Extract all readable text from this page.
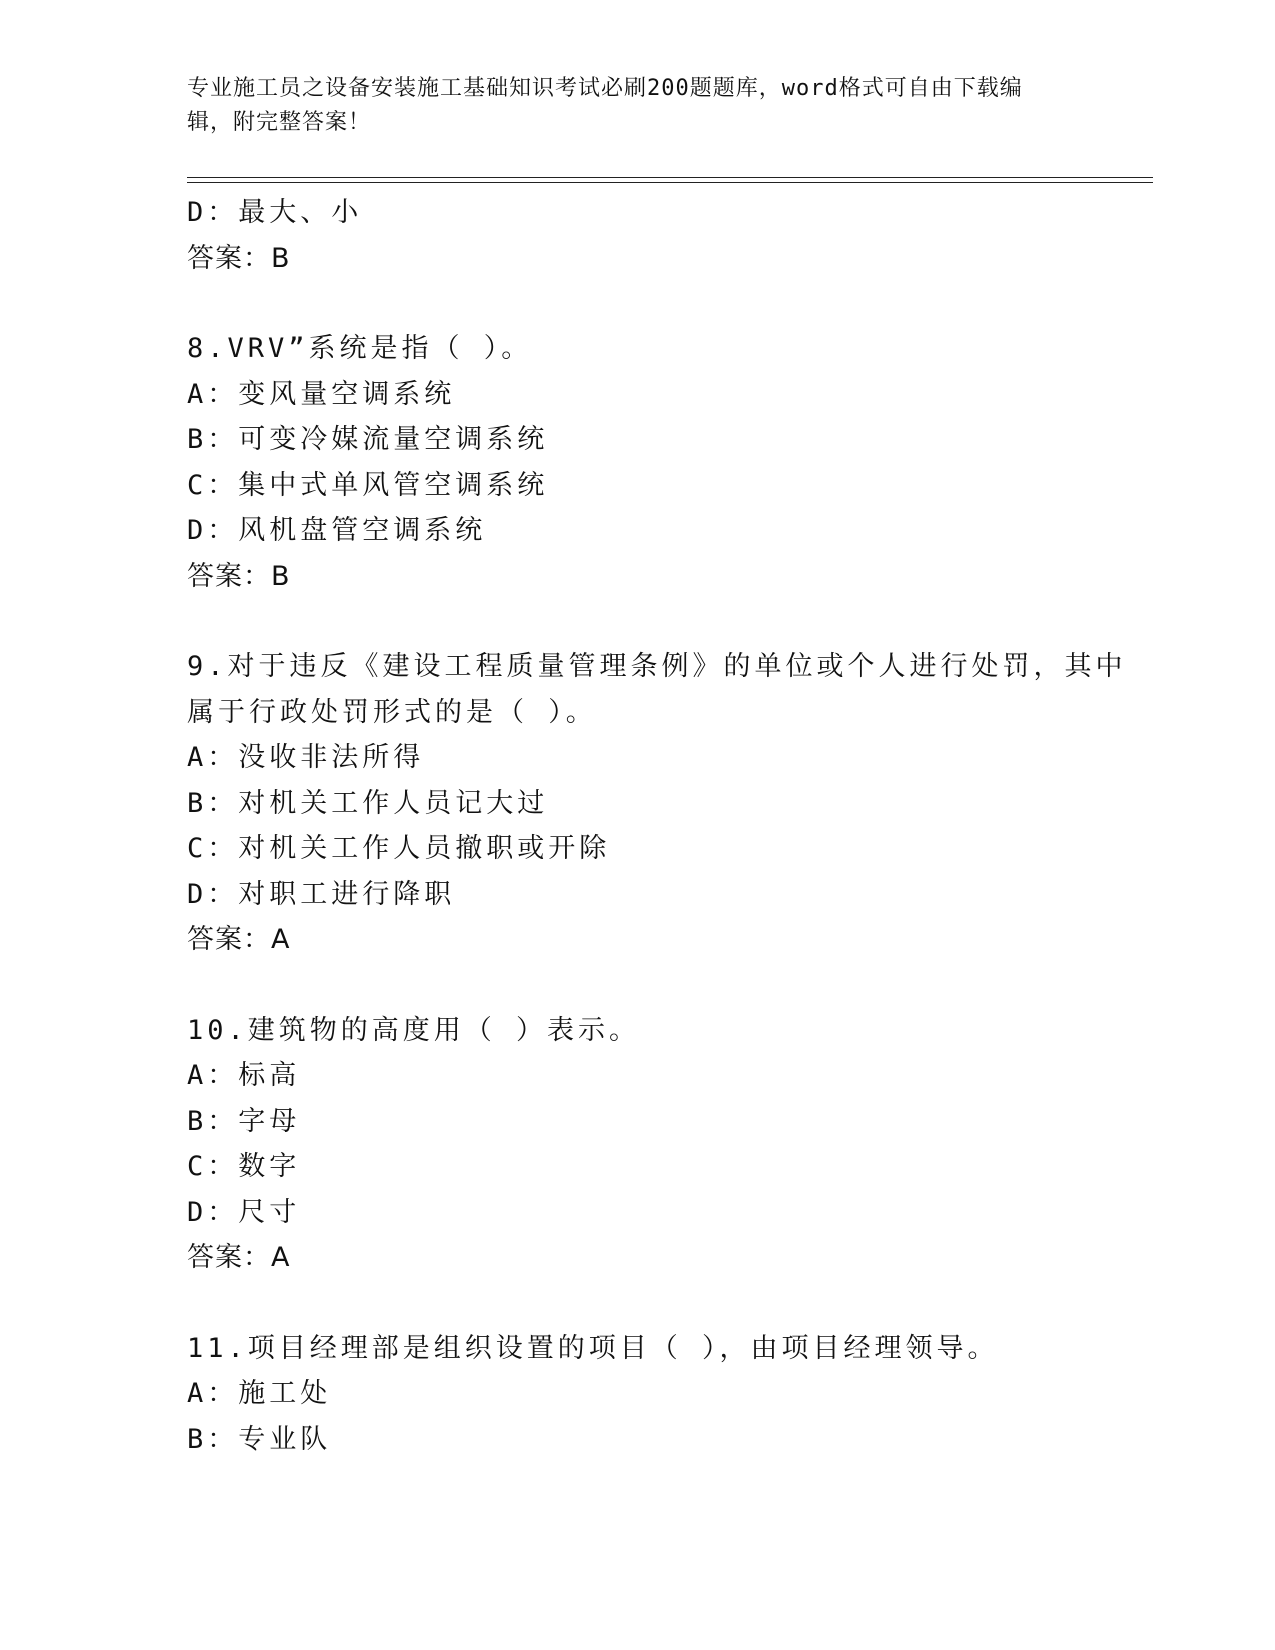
专业施工员之设备安装施工基础知识考试必刷200题题库，word格式可自由下载编辑，附完整答案！
D：最大、小
答案：B
8.VRV”系统是指（ ）。
A：变风量空调系统
B：可变冷媒流量空调系统
C：集中式单风管空调系统
D：风机盘管空调系统
答案：B
9.对于违反《建设工程质量管理条例》的单位或个人进行处罚，其中
属于行政处罚形式的是（ ）。
A：没收非法所得
B：对机关工作人员记大过
C：对机关工作人员撤职或开除
D：对职工进行降职
答案：A
10.建筑物的高度用（ ）表示。
A：标高
B：字母
C：数字
D：尺寸
答案：A
11.项目经理部是组织设置的项目（ ），由项目经理领导。
A：施工处
B：专业队
